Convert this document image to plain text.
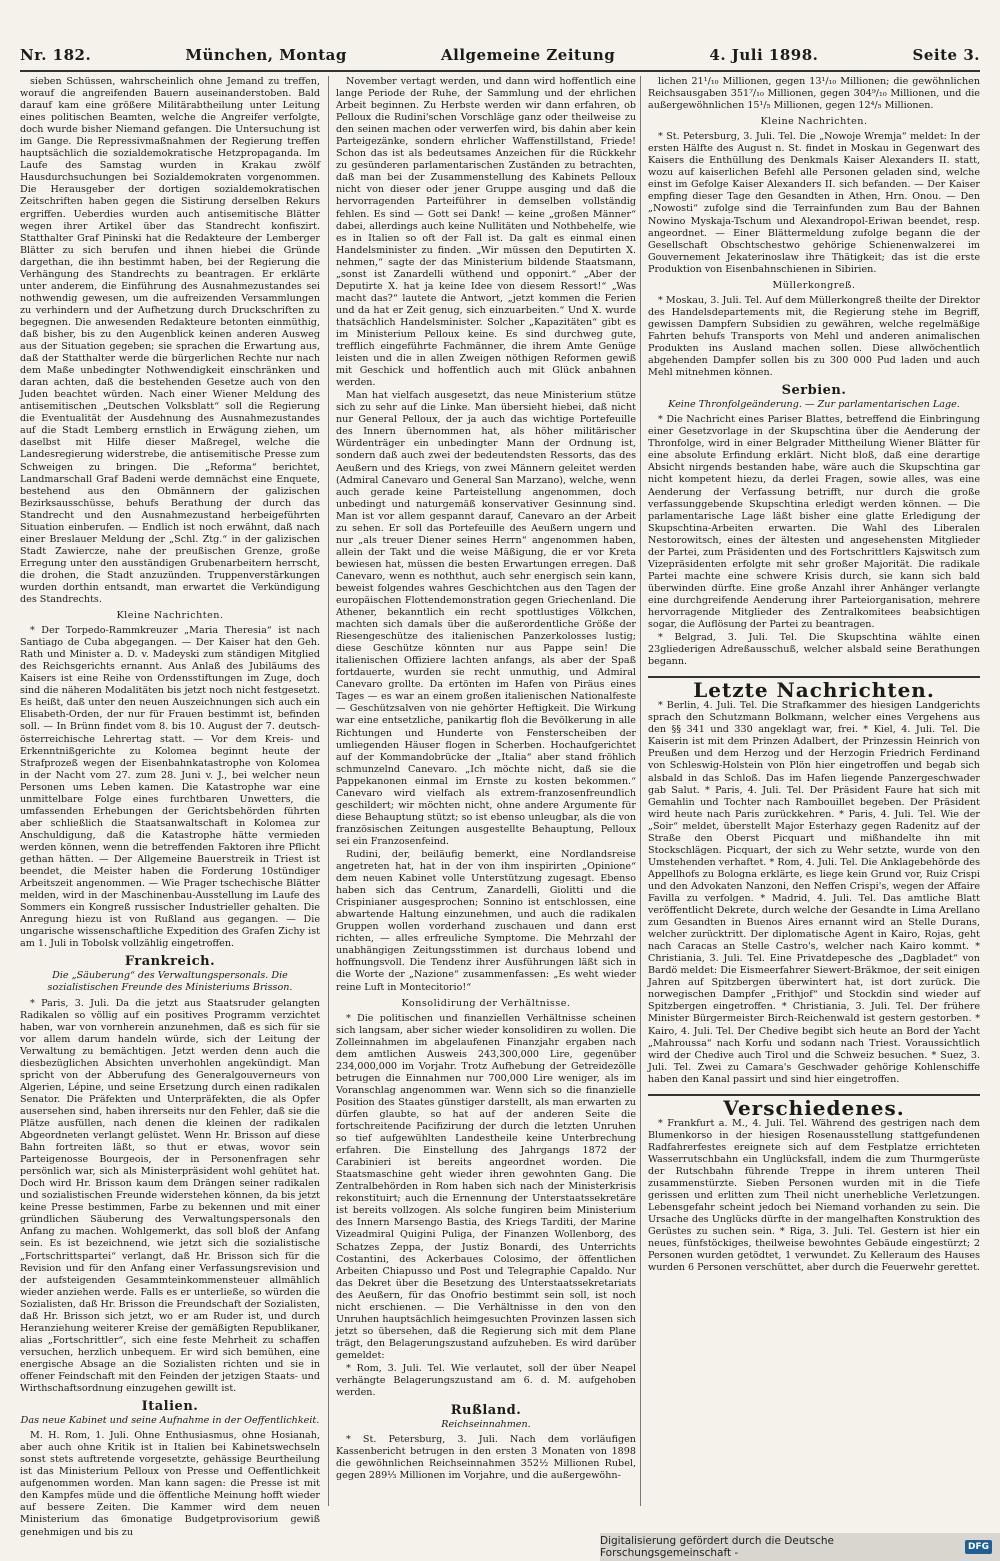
Nr. 182.	München, Montag	Allgemeine Zeitung	4. Juli 1898.	Seite 3.

sieben Schüssen, wahrscheinlich ohne Jemand zu treffen, worauf die angreifenden Bauern auseinanderstoben. Bald darauf kam eine größere Militärabtheilung unter Leitung eines politischen Beamten, welche die Angreifer verfolgte, doch wurde bisher Niemand gefangen. Die Untersuchung ist im Gange. Die Repressivmaßnahmen der Regierung treffen hauptsächlich die sozialdemokratische Hetzpropaganda. Im Laufe des Samstag wurden in Krakau zwölf Hausdurchsuchungen bei Sozialdemokraten vorgenommen. Die Herausgeber der dortigen sozialdemokratischen Zeitschriften haben gegen die Sistirung derselben Rekurs ergriffen. Ueberdies wurden auch antisemitische Blätter wegen ihrer Artikel über das Standrecht konfiszirt. Statthalter Graf Pininski hat die Redakteure der Lemberger Blätter zu sich berufen und ihnen hiebei die Gründe dargethan, die ihn bestimmt haben, bei der Regierung die Verhängung des Standrechts zu beantragen. Er erklärte unter anderem, die Einführung des Ausnahmezustandes sei nothwendig gewesen, um die aufreizenden Versammlungen zu verhindern und der Aufhetzung durch Druckschriften zu begegnen. Die anwesenden Redakteure betonten einmüthig, daß bisher, bis zu den Augenblick keinen anderen Ausweg aus der Situation gegeben; sie sprachen die Erwartung aus, daß der Statthalter werde die bürgerlichen Rechte nur nach dem Maße unbedingter Nothwendigkeit einschränken und daran achten, daß die bestehenden Gesetze auch von den Juden beachtet würden. Nach einer Wiener Meldung des antisemitischen „Deutschen Volksblatt“ soll die Regierung die Eventualität der Ausdehnung des Ausnahmezustandes auf die Stadt Lemberg ernstlich in Erwägung ziehen, um daselbst mit Hilfe dieser Maßregel, welche die Landesregierung widerstrebe, die antisemitische Presse zum Schweigen zu bringen. Die „Reforma“ berichtet, Landmarschall Graf Badeni werde demnächst eine Enquete, bestehend aus den Obmännern der galizischen Bezirksausschüsse, behufs Berathung der durch das Standrecht und den Ausnahmezustand herbeigeführten Situation einberufen. — Endlich ist noch erwähnt, daß nach einer Breslauer Meldung der „Schl. Ztg.“ in der galizischen Stadt Zawiercze, nahe der preußischen Grenze, große Erregung unter den ausständigen Grubenarbeitern herrscht, die drohen, die Stadt anzuzünden. Truppenverstärkungen wurden dorthin entsandt, man erwartet die Verkündigung des Standrechts.

Kleine Nachrichten.

* Der Torpedo-Rammkreuzer „Maria Theresia“ ist nach Santiago de Cuba abgegangen. — Der Kaiser hat den Geh. Rath und Minister a. D. v. Madeyski zum ständigen Mitglied des Reichsgerichts ernannt. Aus Anlaß des Jubiläums des Kaisers ist eine Reihe von Ordensstiftungen im Zuge, doch sind die näheren Modalitäten bis jetzt noch nicht festgesetzt. Es heißt, daß unter den neuen Auszeichnungen sich auch ein Elisabeth-Orden, der nur für Frauen bestimmt ist, befinden soll. — In Brünn findet vom 8. bis 10. August der 7. deutsch-österreichische Lehrertag statt. — Vor dem Kreis- und Erkenntnißgerichte zu Kolomea beginnt heute der Strafprozeß wegen der Eisenbahnkatastrophe von Kolomea in der Nacht vom 27. zum 28. Juni v. J., bei welcher neun Personen ums Leben kamen. Die Katastrophe war eine unmittelbare Folge eines furchtbaren Unwetters, die umfassenden Erhebungen der Gerichtsbehörden führten aber schließlich die Staatsanwaltschaft in Kolomea zur Anschuldigung, daß die Katastrophe hätte vermieden werden können, wenn die betreffenden Faktoren ihre Pflicht gethan hätten. — Der Allgemeine Bauerstreik in Triest ist beendet, die Meister haben die Forderung 10stündiger Arbeitszeit angenommen. — Wie Prager tschechische Blätter melden, wird in der Maschinenbau-Ausstellung im Laufe des Sommers ein Kongreß russischer Industrieller gehalten. Die Anregung hiezu ist von Rußland aus gegangen. — Die ungarische wissenschaftliche Expedition des Grafen Zichy ist am 1. Juli in Tobolsk vollzählig eingetroffen.

Frankreich.
Die „Säuberung“ des Verwaltungspersonals. Die sozialistischen Freunde des Ministeriums Brisson.

* Paris, 3. Juli. Da die jetzt aus Staatsruder gelangten Radikalen so völlig auf ein positives Programm verzichtet haben, war von vornherein anzunehmen, daß es sich für sie vor allem darum handeln würde, sich der Leitung der Verwaltung zu bemächtigen. Jetzt werden denn auch die diesbezüglichen Absichten unverhohlen angekündigt. Man spricht von der Abberufung des Generalgouverneurs von Algerien, Lépine, und seine Ersetzung durch einen radikalen Senator. Die Präfekten und Unterpräfekten, die als Opfer ausersehen sind, haben ihrerseits nur den Fehler, daß sie die Plätze ausfüllen, nach denen die kleinen der radikalen Abgeordneten verlangt gelüstet. Wenn Hr. Brisson auf diese Bahn fortreiten läßt, so thut er etwas, wovor sein Parteigenosse Bourgeois, der in Personenfragen sehr persönlich war, sich als Ministerpräsident wohl gehütet hat. Doch wird Hr. Brisson kaum dem Drängen seiner radikalen und sozialistischen Freunde widerstehen können, da bis jetzt keine Presse bestimmen, Farbe zu bekennen und mit einer gründlichen Säuberung des Verwaltungspersonals den Anfang zu machen. Wohlgemerkt, das soll bloß der Anfang sein. Es ist bezeichnend, wie jetzt sich die sozialistische „Fortschrittspartei“ verlangt, daß Hr. Brisson sich für die Revision und für den Anfang einer Verfassungsrevision und der aufsteigenden Gesammteinkommensteuer allmählich wieder anziehen werde. Falls es er unterließe, so würden die Sozialisten, daß Hr. Brisson die Freundschaft der Sozialisten, daß Hr. Brisson sich jetzt, wo er am Ruder ist, und durch Heranziehung weiterer Kreise der gemäßigten Republikaner, alias „Fortschrittler“, sich eine feste Mehrheit zu schaffen versuchen, herzlich unbequem. Er wird sich bemühen, eine energische Absage an die Sozialisten richten und sie in offener Feindschaft mit den Feinden der jetzigen Staats- und Wirthschaftsordnung einzugehen gewillt ist.

Italien.
Das neue Kabinet und seine Aufnahme in der Oeffentlichkeit.

M. H. Rom, 1. Juli. Ohne Enthusiasmus, ohne Hosianah, aber auch ohne Kritik ist in Italien bei Kabinetswechseln sonst stets auftretende vorgesetzte, gehässige Beurtheilung ist das Ministerium Pelloux von Presse und Oeffentlichkeit aufgenommen worden. Man kann sagen: die Presse ist mit den Kampfes müde und die öffentliche Meinung hofft wieder auf bessere Zeiten. Die Kammer wird dem neuen Ministerium das 6monatige Budgetprovisorium gewiß genehmigen und bis zu

November vertagt werden, und dann wird hoffentlich eine lange Periode der Ruhe, der Sammlung und der ehrlichen Arbeit beginnen. Zu Herbste werden wir dann erfahren, ob Pelloux die Rudini'schen Vorschläge ganz oder theilweise zu den seinen machen oder verwerfen wird, bis dahin aber kein Parteigezänke, sondern ehrlicher Waffenstillstand, Friede! Schon das ist als bedeutsames Anzeichen für die Rückkehr zu gesünderen parlamentarischen Zuständen zu betrachten, daß man bei der Zusammenstellung des Kabinets Pelloux nicht von dieser oder jener Gruppe ausging und daß die hervorragenden Parteiführer in demselben vollständig fehlen. Es sind — Gott sei Dank! — keine „großen Männer“ dabei, allerdings auch keine Nullitäten und Nothbehelfe, wie es in Italien so oft der Fall ist. Da galt es einmal einen Handelsminister zu finden. „Wir müssen den Deputirten X. nehmen,“ sagte der das Ministerium bildende Staatsmann, „sonst ist Zanardelli wüthend und opponirt.“ „Aber der Deputirte X. hat ja keine Idee von diesem Ressort!“ „Was macht das?“ lautete die Antwort, „jetzt kommen die Ferien und da hat er Zeit genug, sich einzuarbeiten.“ Und X. wurde thatsächlich Handelsminister. Solcher „Kapazitäten“ gibt es im Ministerium Pelloux keine. Es sind durchweg gute, trefflich eingeführte Fachmänner, die ihrem Amte Genüge leisten und die in allen Zweigen nöthigen Reformen gewiß mit Geschick und hoffentlich auch mit Glück anbahnen werden.

Man hat vielfach ausgesetzt, das neue Ministerium stütze sich zu sehr auf die Linke. Man übersieht hiebei, daß nicht nur General Pelloux, der ja auch das wichtige Portefeuille des Innern übernommen hat, als höher militärischer Würdenträger ein unbedingter Mann der Ordnung ist, sondern daß auch zwei der bedeutendsten Ressorts, das des Aeußern und des Kriegs, von zwei Männern geleitet werden (Admiral Canevaro und General San Marzano), welche, wenn auch gerade keine Parteistellung angenommen, doch unbedingt und naturgemäß konservativer Gesinnung sind. Man ist vor allem gespannt darauf, Canevaro an der Arbeit zu sehen. Er soll das Portefeuille des Aeußern ungern und nur „als treuer Diener seines Herrn“ angenommen haben, allein der Takt und die weise Mäßigung, die er vor Kreta bewiesen hat, müssen die besten Erwartungen erregen. Daß Canevaro, wenn es noththut, auch sehr energisch sein kann, beweist folgendes wahres Geschichtchen aus den Tagen der europäischen Flottendemonstration gegen Griechenland. Die Athener, bekanntlich ein recht spottlustiges Völkchen, machten sich damals über die außerordentliche Größe der Riesengeschütze des italienischen Panzerkolosses lustig; diese Geschütze könnten nur aus Pappe sein! Die italienischen Offiziere lachten anfangs, als aber der Spaß fortdauerte, wurden sie recht unmuthig, und Admiral Canevaro grollte. Da ertönten im Hafen von Piräus eines Tages — es war an einem großen italienischen Nationalfeste — Geschützsalven von nie gehörter Heftigkeit. Die Wirkung war eine entsetzliche, panikartig floh die Bevölkerung in alle Richtungen und Hunderte von Fensterscheiben der umliegenden Häuser flogen in Scherben. Hochaufgerichtet auf der Kommandobrücke der „Italia“ aber stand fröhlich schmunzelnd Canevaro. „Ich möchte nicht, daß sie die Pappekanonen einmal im Ernste zu kosten bekommen.“ Canevaro wird vielfach als extrem-franzosenfreundlich geschildert; wir möchten nicht, ohne andere Argumente für diese Behauptung stützt; so ist ebenso unleugbar, als die von französischen Zeitungen ausgestellte Behauptung, Pelloux sei ein Franzosenfeind.

Rudini, der, beiläufig bemerkt, eine Nordlandsreise angetreten hat, hat in der von ihm inspirirten „Opinione“ dem neuen Kabinet volle Unterstützung zugesagt. Ebenso haben sich das Centrum, Zanardelli, Giolitti und die Crispinianer ausgesprochen; Sonnino ist entschlossen, eine abwartende Haltung einzunehmen, und auch die radikalen Gruppen wollen vorderhand zuschauen und dann erst richten, — alles erfreuliche Symptome. Die Mehrzahl der unabhängigen Zeitungsstimmen ist durchaus lobend und hoffnungsvoll. Die Tendenz ihrer Ausführungen läßt sich in die Worte der „Nazione“ zusammenfassen: „Es weht wieder reine Luft in Montecitorio!“

Konsolidirung der Verhältnisse.

* Die politischen und finanziellen Verhältnisse scheinen sich langsam, aber sicher wieder konsolidiren zu wollen. Die Zolleinnahmen im abgelaufenen Finanzjahr ergaben nach dem amtlichen Ausweis 243,300,000 Lire, gegenüber 234,000,000 im Vorjahr. Trotz Aufhebung der Getreidezölle betrugen die Einnahmen nur 700,000 Lire weniger, als im Voranschlag angenommen war. Wenn sich so die finanzielle Position des Staates günstiger darstellt, als man erwarten zu dürfen glaubte, so hat auf der anderen Seite die fortschreitende Pacifizirung der durch die letzten Unruhen so tief aufgewühlten Landestheile keine Unterbrechung erfahren. Die Einstellung des Jahrgangs 1872 der Carabinieri ist bereits angeordnet worden. Die Staatsmaschine geht wieder ihren gewohnten Gang. Die Zentralbehörden in Rom haben sich nach der Ministerkrisis rekonstituirt; auch die Ernennung der Unterstaatssekretäre ist bereits vollzogen. Als solche fungiren beim Ministerium des Innern Marsengo Bastia, des Kriegs Tarditi, der Marine Vizeadmiral Quigini Puliga, der Finanzen Wollenborg, des Schatzes Zeppa, der Justiz Bonardi, des Unterrichts Costantini, des Ackerbaues Colosimo, der öffentlichen Arbeiten Chiapusso und Post und Telegraphie Capaldo. Nur das Dekret über die Besetzung des Unterstaatssekretariats des Aeußern, für das Onofrio bestimmt sein soll, ist noch nicht erschienen. — Die Verhältnisse in den von den Unruhen hauptsächlich heimgesuchten Provinzen lassen sich jetzt so übersehen, daß die Regierung sich mit dem Plane trägt, den Belagerungszustand aufzuheben. Es wird darüber gemeldet:

* Rom, 3. Juli. Tel. Wie verlautet, soll der über Neapel verhängte Belagerungszustand am 6. d. M. aufgehoben werden.

Rußland.
Reichseinnahmen.

* St. Petersburg, 3. Juli. Nach dem vorläufigen Kassenbericht betrugen in den ersten 3 Monaten von 1898 die gewöhnlichen Reichseinnahmen 352½ Millionen Rubel, gegen 289⅓ Millionen im Vorjahre, und die außergewöhn-

lichen 21¹/₁₀ Millionen, gegen 13¹/₁₀ Millionen; die gewöhnlichen Reichsausgaben 351⁷/₁₀ Millionen, gegen 304⁹/₁₀ Millionen, und die außergewöhnlichen 15¹/₅ Millionen, gegen 12⁴/₅ Millionen.

Kleine Nachrichten.

* St. Petersburg, 3. Juli. Tel. Die „Nowoje Wremja“ meldet: In der ersten Hälfte des August n. St. findet in Moskau in Gegenwart des Kaisers die Enthüllung des Denkmals Kaiser Alexanders II. statt, wozu auf kaiserlichen Befehl alle Personen geladen sind, welche einst im Gefolge Kaiser Alexanders II. sich befanden. — Der Kaiser empfing dieser Tage den Gesandten in Athen, Hrn. Onou. — Den „Nowosti“ zufolge sind die Terrainfunden zum Bau der Bahnen Nowino Myskaja-Tschum und Alexandropol-Eriwan beendet, resp. angeordnet. — Einer Blättermeldung zufolge begann die der Gesellschaft Obschtschestwo gehörige Schienenwalzerei im Gouvernement Jekaterinoslaw ihre Thätigkeit; das ist die erste Produktion von Eisenbahnschienen in Sibirien.

Müllerkongreß.

* Moskau, 3. Juli. Tel. Auf dem Müllerkongreß theilte der Direktor des Handelsdepartements mit, die Regierung stehe im Begriff, gewissen Dampfern Subsidien zu gewähren, welche regelmäßige Fahrten behufs Transports von Mehl und anderen animalischen Produkten ins Ausland machen sollen. Diese allwöchentlich abgehenden Dampfer sollen bis zu 300 000 Pud laden und auch Mehl mitnehmen können.

Serbien.
Keine Thronfolgeänderung. — Zur parlamentarischen Lage.

* Die Nachricht eines Pariser Blattes, betreffend die Einbringung einer Gesetzvorlage in der Skupschtina über die Aenderung der Thronfolge, wird in einer Belgrader Mittheilung Wiener Blätter für eine absolute Erfindung erklärt. Nicht bloß, daß eine derartige Absicht nirgends bestanden habe, wäre auch die Skupschtina gar nicht kompetent hiezu, da derlei Fragen, sowie alles, was eine Aenderung der Verfassung betrifft, nur durch die große verfassunggebende Skupschtina erledigt werden können. — Die parlamentarische Lage läßt bisher eine glatte Erledigung der Skupschtina-Arbeiten erwarten. Die Wahl des Liberalen Nestorowitsch, eines der ältesten und angesehensten Mitglieder der Partei, zum Präsidenten und des Fortschrittlers Kajswitsch zum Vizepräsidenten erfolgte mit sehr großer Majorität. Die radikale Partei machte eine schwere Krisis durch, sie kann sich bald überwinden dürfte. Eine große Anzahl ihrer Anhänger verlangte eine durchgreifende Aenderung ihrer Parteiorganisation, mehrere hervorragende Mitglieder des Zentralkomitees beabsichtigen sogar, die Auflösung der Partei zu beantragen.

* Belgrad, 3. Juli. Tel. Die Skupschtina wählte einen 23gliederigen Adreßausschuß, welcher alsbald seine Berathungen begann.

Letzte Nachrichten.

* Berlin, 4. Juli. Tel. Die Strafkammer des hiesigen Landgerichts sprach den Schutzmann Bolkmann, welcher eines Vergehens aus den §§ 341 und 330 angeklagt war, frei. * Kiel, 4. Juli. Tel. Die Kaiserin ist mit dem Prinzen Adalbert, der Prinzessin Heinrich von Preußen und dem Herzog und der Herzogin Friedrich Ferdinand von Schleswig-Holstein von Plön hier eingetroffen und begab sich alsbald in das Schloß. Das im Hafen liegende Panzergeschwader gab Salut. * Paris, 4. Juli. Tel. Der Präsident Faure hat sich mit Gemahlin und Tochter nach Rambouillet begeben. Der Präsident wird heute nach Paris zurückkehren. * Paris, 4. Juli. Tel. Wie der „Soir“ meldet, überstellt Major Esterhazy gegen Radenitz auf der Straße den Oberst Picquart und mißhandelte ihn mit Stockschlägen. Picquart, der sich zu Wehr setzte, wurde von den Umstehenden verhaftet. * Rom, 4. Juli. Tel. Die Anklagebehörde des Appellhofs zu Bologna erklärte, es liege kein Grund vor, Ruiz Crispi und den Advokaten Nanzoni, den Neffen Crispi's, wegen der Affaire Favilla zu verfolgen. * Madrid, 4. Juli. Tel. Das amtliche Blatt veröffentlicht Dekrete, durch welche der Gesandte in Lima Arellano zum Gesandten in Buenos Aires ernannt wird an Stelle Durans, welcher zurücktritt. Der diplomatische Agent in Kairo, Rojas, geht nach Caracas an Stelle Castro's, welcher nach Kairo kommt. * Christiania, 3. Juli. Tel. Eine Privatdepesche des „Dagbladet“ von Bardö meldet: Die Eismeerfahrer Siewert-Bräkmoe, der seit einigen Jahren auf Spitzbergen überwintert hat, ist dort zurück. Die norwegischen Dampfer „Frithjof“ und Stockdin sind wieder auf Spitzbergen eingetroffen. * Christiania, 3. Juli. Tel. Der frühere Minister Bürgermeister Birch-Reichenwald ist gestern gestorben. * Kairo, 4. Juli. Tel. Der Chedive begibt sich heute an Bord der Yacht „Mahroussa“ nach Korfu und sodann nach Triest. Voraussichtlich wird der Chedive auch Tirol und die Schweiz besuchen. * Suez, 3. Juli. Tel. Zwei zu Camara's Geschwader gehörige Kohlenschiffe haben den Kanal passirt und sind hier eingetroffen.

Verschiedenes.

* Frankfurt a. M., 4. Juli. Tel. Während des gestrigen nach dem Blumenkorso in der hiesigen Rosenausstellung stattgefundenen Radfahrerfestes ereignete sich auf dem Festplatze errichteten Wasserrutschbahn ein Unglücksfall, indem die zum Thurmgerüste der Rutschbahn führende Treppe in ihrem unteren Theil zusammenstürzte. Sieben Personen wurden mit in die Tiefe gerissen und erlitten zum Theil nicht unerhebliche Verletzungen. Lebensgefahr scheint jedoch bei Niemand vorhanden zu sein. Die Ursache des Unglücks dürfte in der mangelhaften Konstruktion des Gerüstes zu suchen sein. * Riga, 3. Juli. Tel. Gestern ist hier ein neues, fünfstöckiges, theilweise bewohntes Gebäude eingestürzt; 2 Personen wurden getödtet, 1 verwundet. Zu Kelleraum des Hauses wurden 6 Personen verschüttet, aber durch die Feuerwehr gerettet.

Digitalisierung gefördert durch die Deutsche Forschungsgemeinschaft -	DFG
